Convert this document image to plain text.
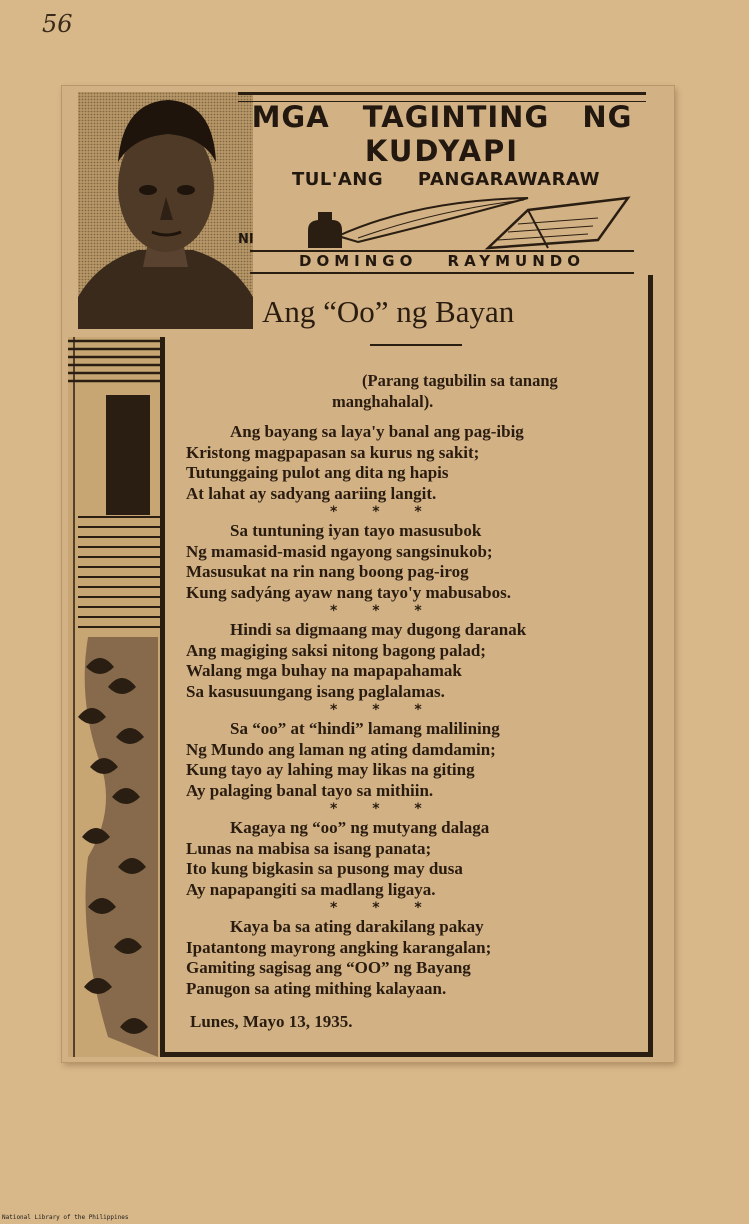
56
MGA TAGINTING NG
KUDYAPI
TUL'ANG PANGARAWARAW
NI
DOMINGO RAYMUNDO
Ang “Oo” ng Bayan
(Parang tagubilin sa tanang
manghahalal).
Ang bayang sa laya'y banal ang pag-ibig
Kristong magpapasan sa kurus ng sakit;
Tutunggaing pulot ang dita ng hapis
At lahat ay sadyang aariing langit.
* * *
Sa tuntuning iyan tayo masusubok
Ng mamasid-masid ngayong sangsinukob;
Masusukat na rin nang boong pag-irog
Kung sadyáng ayaw nang tayo'y mabusabos.
* * *
Hindi sa digmaang may dugong daranak
Ang magiging saksi nitong bagong palad;
Walang mga buhay na mapapahamak
Sa kasusuungang isang paglalamas.
* * *
Sa “oo” at “hindi” lamang malilining
Ng Mundo ang laman ng ating damdamin;
Kung tayo ay lahing may likas na giting
Ay palaging banal tayo sa mithiin.
* * *
Kagaya ng “oo” ng mutyang dalaga
Lunas na mabisa sa isang panata;
Ito kung bigkasin sa pusong may dusa
Ay napapangiti sa madlang ligaya.
* * *
Kaya ba sa ating darakilang pakay
Ipatantong mayrong angking karangalan;
Gamiting sagisag ang “OO” ng Bayang
Panugon sa ating mithing kalayaan.
Lunes, Mayo 13, 1935.
National Library of the Philippines
